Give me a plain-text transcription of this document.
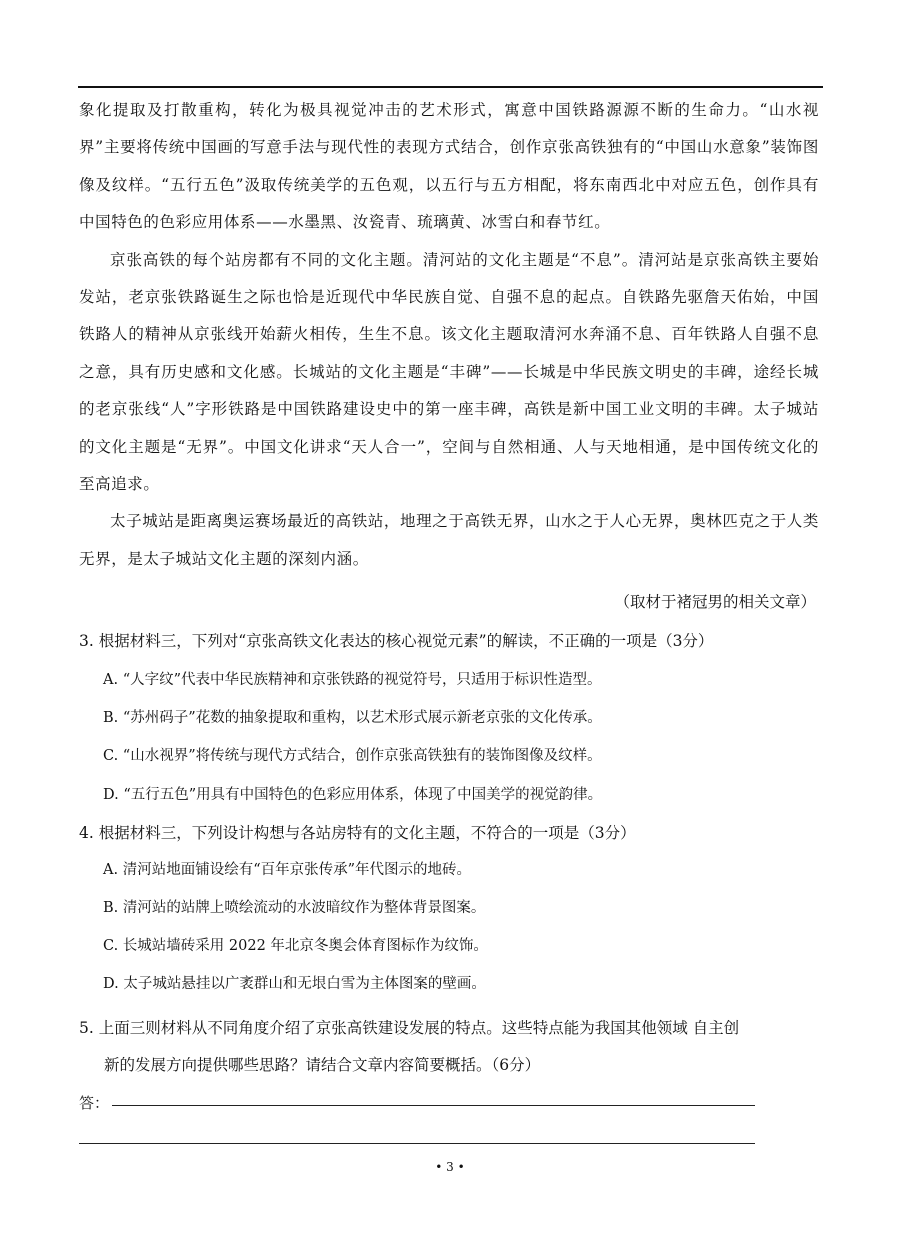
象化提取及打散重构，转化为极具视觉冲击的艺术形式，寓意中国铁路源源不断的生命力。“山水视界”主要将传统中国画的写意手法与现代性的表现方式结合，创作京张高铁独有的“中国山水意象”装饰图像及纹样。“五行五色”汲取传统美学的五色观，以五行与五方相配，将东南西北中对应五色，创作具有中国特色的色彩应用体系——水墨黑、汝瓷青、琉璃黄、冰雪白和春节红。

京张高铁的每个站房都有不同的文化主题。清河站的文化主题是“不息”。清河站是京张高铁主要始发站，老京张铁路诞生之际也恰是近现代中华民族自觉、自强不息的起点。自铁路先驱詹天佑始，中国铁路人的精神从京张线开始薪火相传，生生不息。该文化主题取清河水奔涌不息、百年铁路人自强不息之意，具有历史感和文化感。长城站的文化主题是“丰碑”——长城是中华民族文明史的丰碑，途经长城的老京张线“人”字形铁路是中国铁路建设史中的第一座丰碑，高铁是新中国工业文明的丰碑。太子城站的文化主题是“无界”。中国文化讲求“天人合一”，空间与自然相通、人与天地相通，是中国传统文化的至高追求。

太子城站是距离奥运赛场最近的高铁站，地理之于高铁无界，山水之于人心无界，奥林匹克之于人类无界，是太子城站文化主题的深刻内涵。

（取材于褚冠男的相关文章）
3. 根据材料三，下列对“京张高铁文化表达的核心视觉元素”的解读，不正确的一项是（3分）
A. “人字纹”代表中华民族精神和京张铁路的视觉符号，只适用于标识性造型。
B. “苏州码子”花数的抽象提取和重构，以艺术形式展示新老京张的文化传承。
C. “山水视界”将传统与现代方式结合，创作京张高铁独有的装饰图像及纹样。
D. “五行五色”用具有中国特色的色彩应用体系，体现了中国美学的视觉韵律。
4. 根据材料三，下列设计构想与各站房特有的文化主题，不符合的一项是（3分）
A. 清河站地面铺设绘有“百年京张传承”年代图示的地砖。
B. 清河站的站牌上喷绘流动的水波暗纹作为整体背景图案。
C. 长城站墙砖采用 2022 年北京冬奥会体育图标作为纹饰。
D. 太子城站悬挂以广袤群山和无垠白雪为主体图案的壁画。
5. 上面三则材料从不同角度介绍了京张高铁建设发展的特点。这些特点能为我国其他领域 自主创
新的发展方向提供哪些思路？请结合文章内容简要概括。（6分）
答：
• 3 •
